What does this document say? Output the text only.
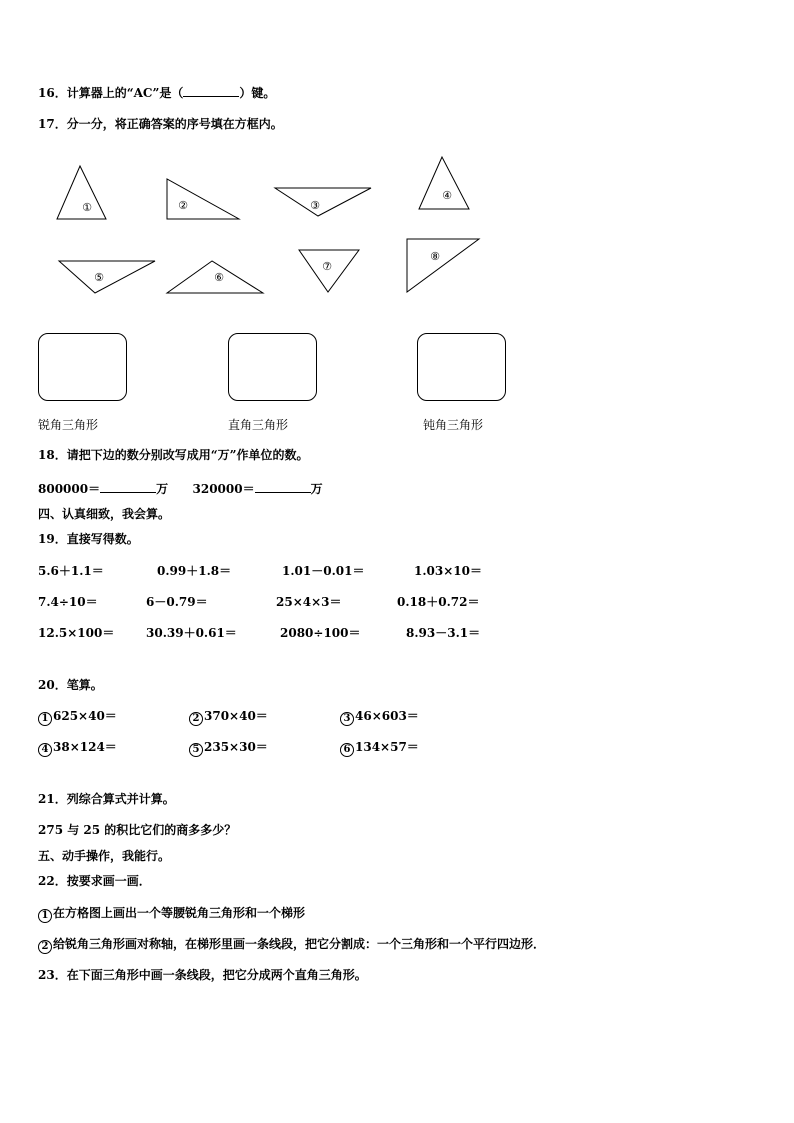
16．计算器上的“AC”是（	）键。
17．分一分，将正确答案的序号填在方框内。
①	②	③
④
⑤	⑥
⑦
⑧
锐角三角形	直角三角形	钝角三角形
18．请把下边的数分别改写成用“万”作单位的数。
800000＝	万 320000＝	万
四、认真细致，我会算。
19．直接写得数。
5.6＋1.1＝	0.99＋1.8＝	1.01－0.01＝	1.03×10＝
7.4÷10＝	6－0.79＝	25×4×3＝	0.18＋0.72＝
12.5×100＝	30.39＋0.61＝	2080÷100＝	8.93－3.1＝
20．笔算。
1 625×40＝	2 370×40＝	3 46×603＝
4 38×124＝	5 235×30＝	6 134×57＝
21．列综合算式并计算。
275 与 25 的积比它们的商多多少？
五、动手操作，我能行。
22．按要求画一画．
1 在方格图上画出一个等腰锐角三角形和一个梯形
2 给锐角三角形画对称轴，在梯形里画一条线段，把它分割成：一个三角形和一个平行四边形．
23．在下面三角形中画一条线段，把它分成两个直角三角形。
